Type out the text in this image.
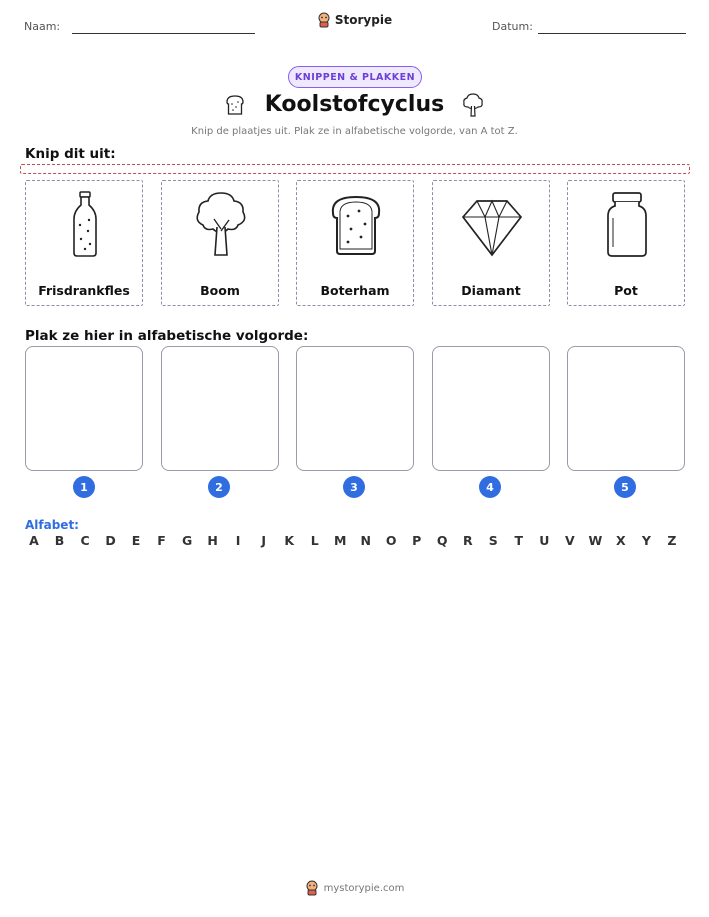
Naam:	Storypie	Datum:
KNIPPEN & PLAKKEN
Koolstofcyclus
Knip de plaatjes uit. Plak ze in alfabetische volgorde, van A tot Z.
Knip dit uit:
Frisdrankfles	Boom	Boterham	Diamant	Pot
Plak ze hier in alfabetische volgorde:
1	2	3	4	5
Alfabet:
A	B	C	D	E	F	G	H	I	J	K	L	M	N	O	P	Q	R	S	T	U	V	W	X	Y	Z
mystorypie.com
